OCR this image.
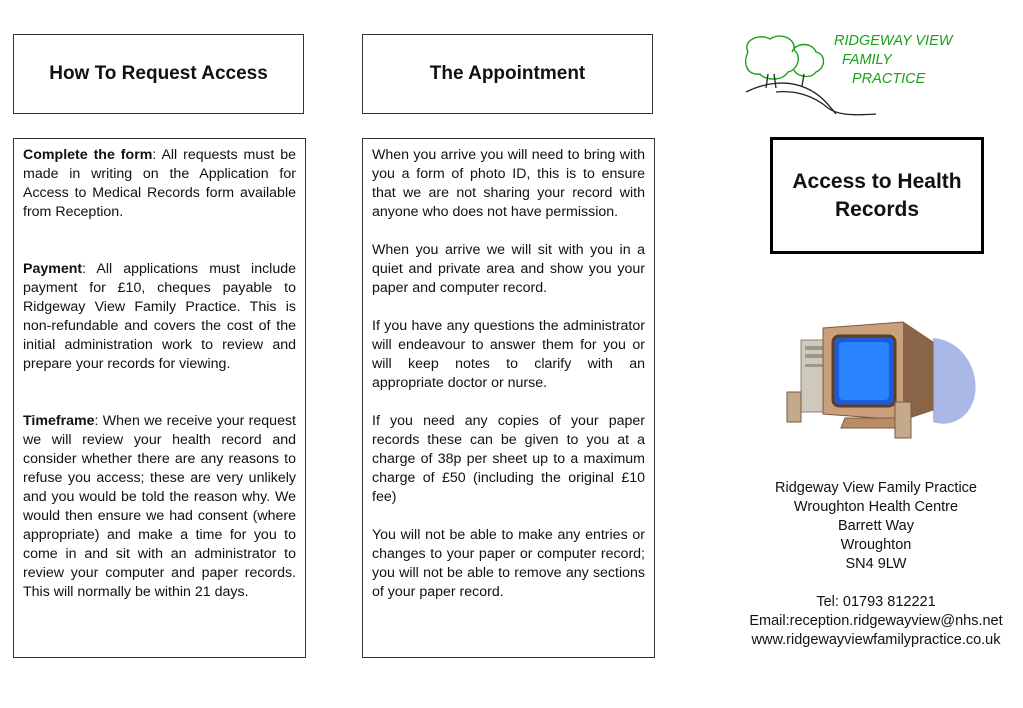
How To Request Access

Complete the form: All requests must be made in writing on the Application for Access to Medical Records form available from Reception.

Payment: All applications must include payment for £10, cheques payable to Ridgeway View Family Practice. This is non-refundable and covers the cost of the initial administration work to review and prepare your records for viewing.

Timeframe: When we receive your request we will review your health record and consider whether there are any reasons to refuse you access; these are very unlikely and you would be told the reason why. We would then ensure we had consent (where appropriate) and make a time for you to come in and sit with an administrator to review your computer and paper records. This will normally be within 21 days.

The Appointment

When you arrive you will need to bring with you a form of photo ID, this is to ensure that we are not sharing your record with anyone who does not have permission.

When you arrive we will sit with you in a quiet and private area and show you your paper and computer record.

If you have any questions the administrator will endeavour to answer them for you or will keep notes to clarify with an appropriate doctor or nurse.

If you need any copies of your paper records these can be given to you at a charge of 38p per sheet up to a maximum charge of £50 (including the original £10 fee)

You will not be able to make any entries or changes to your paper or computer record; you will not be able to remove any sections of your paper record.

RIDGEWAY VIEW
FAMILY
PRACTICE
Access to Health
Records
Ridgeway View Family Practice
Wroughton Health Centre
Barrett Way
Wroughton
SN4 9LW
Tel: 01793 812221
Email:reception.ridgewayview@nhs.net
www.ridgewayviewfamilypractice.co.uk
